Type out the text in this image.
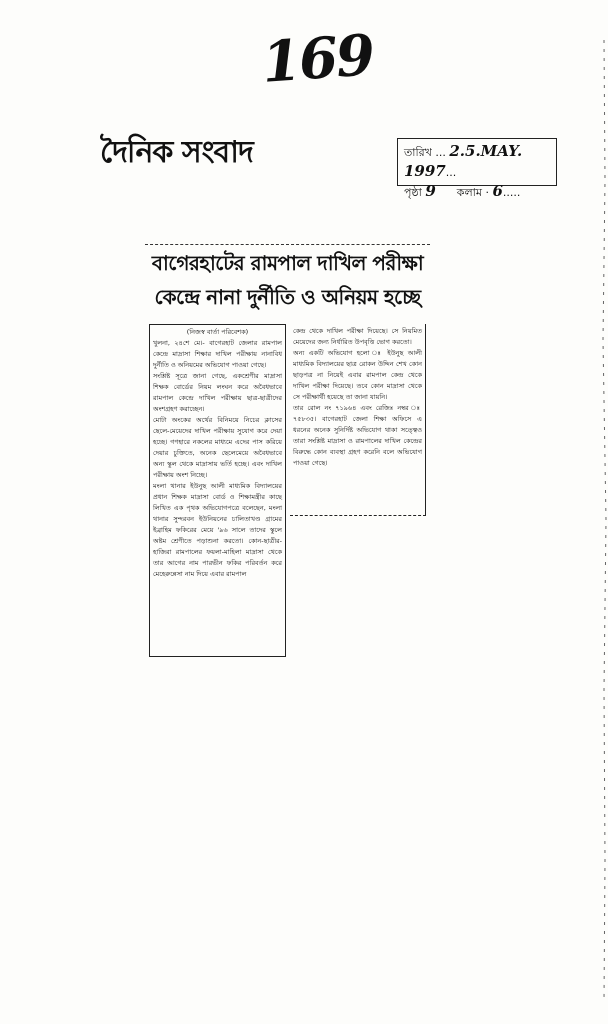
169
দৈনিক সংবাদ	তারিখ ... 2.5.MAY. 1997...
পৃষ্ঠা 9 কলাম · 6.....
বাগেরহাটের রামপাল দাখিল পরীক্ষা
কেন্দ্রে নানা দুর্নীতি ও অনিয়ম হচ্ছে

(নিজস্ব বার্তা পরিবেশক)

খুলনা, ২৪শে মে।- বাগেরহাট জেলার রামপাল কেন্দ্রে মাদ্রাসা শিক্ষার দাখিল পরীক্ষায় নানাবিধ দুর্নীতি ও অনিয়মের অভিযোগ পাওয়া গেছে।

সংশ্লিষ্ট সূত্রে জানা গেছে, একশ্রেণীর মাদ্রাসা শিক্ষক বোর্ডের নিয়ম লংঘন করে অবৈধভাবে রামপাল কেন্দ্রে দাখিল পরীক্ষায় ছাত্র-ছাত্রীদের অংশগ্রহণ করাচ্ছেন।

মোটা অংকের অর্থের বিনিময়ে নিচের ক্লাসের ছেলে-মেয়েদের দাখিল পরীক্ষায় সুযোগ করে দেয়া হচ্ছে। গণহারে নকলের মাধ্যমে এদের পাস করিয়ে দেয়ার চুক্তিতে, অনেক ছেলেমেয়ে অবৈধভাবে অন্য স্কুল থেকে মাদ্রাসায় ভর্তি হচ্ছে। এবং দাখিল পরীক্ষায় অংশ নিচ্ছে।

মংলা থানার ইউনুছ আলী মাধ্যমিক বিদ্যালয়ের প্রধান শিক্ষক মাদ্রাসা বোর্ড ও শিক্ষামন্ত্রীর কাছে লিখিত এক পৃথক অভিযোগপত্রে বলেছেন, মংলা থানার সুন্দরবন ইউনিয়নের চালিতাখণ্ড গ্রামের ইব্রাহিম ফকিরের মেয়ে '৯৬ সালে তাদের স্কুলে অষ্টম শ্রেণীতে পড়াশুনা করতো। কোন-ছাত্রীর-হাজিরা রামপালের ফয়লা-মাহিলা মাদ্রাসা থেকে তার আগের নাম পারভীন ফকির পরিবর্তন করে মেহেরুন্নেসা নাম দিয়ে এবার রামপাল

কেন্দ্র থেকে দাখিল পরীক্ষা দিয়েছে। সে নিয়মিত মেয়েদের জন্য নির্ধারিত উপবৃত্তি ভোগ করতো।

অন্য একটি অভিযোগ হলো ঃ ইউনুছ আলী মাধ্যমিক বিদ্যালয়ের ছাত্র রোকন উদ্দিন শেখ কোন ছাড়পত্র না নিয়েই এবার রামপাল কেন্দ্র থেকে দাখিল পরীক্ষা দিয়েছে। তবে কোন মাদ্রাসা থেকে সে পরীক্ষার্থী হয়েছে তা জানা যায়নি।

তার রোল নং ৭১৯৬৪ এবং রেজিঃ নম্বর ঃ ৭৫৮৩৫। বাগেরহাট জেলা শিক্ষা অফিসে এ ধরনের অনেক সুনির্দিষ্ট অভিযোগ থাকা সত্ত্বেও তারা সংশ্লিষ্ট মাদ্রাসা ও রামপালের দাখিল কেন্দ্রের বিরুদ্ধে কোন ব্যবস্থা গ্রহণ করেনি বলে অভিযোগ পাওয়া গেছে।
